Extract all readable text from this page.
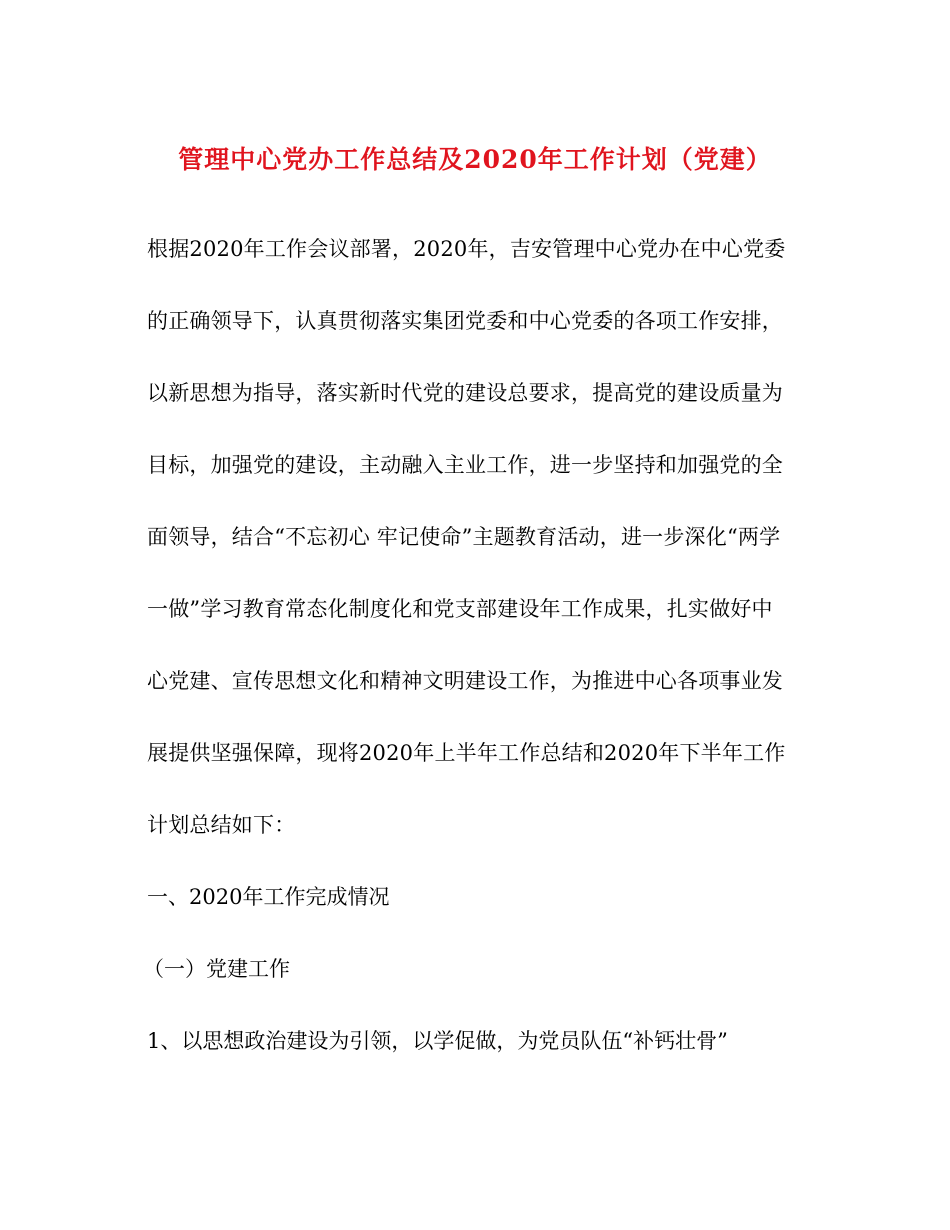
管理中心党办工作总结及2020年工作计划（党建）
根据2020年工作会议部署，2020年，吉安管理中心党办在中心党委
的正确领导下，认真贯彻落实集团党委和中心党委的各项工作安排，
以新思想为指导，落实新时代党的建设总要求，提高党的建设质量为
目标，加强党的建设，主动融入主业工作，进一步坚持和加强党的全
面领导，结合“不忘初心 牢记使命”主题教育活动，进一步深化“两学
一做”学习教育常态化制度化和党支部建设年工作成果，扎实做好中
心党建、宣传思想文化和精神文明建设工作，为推进中心各项事业发
展提供坚强保障，现将2020年上半年工作总结和2020年下半年工作
计划总结如下：

一、2020年工作完成情况

（一）党建工作

1、以思想政治建设为引领，以学促做，为党员队伍“补钙壮骨”
